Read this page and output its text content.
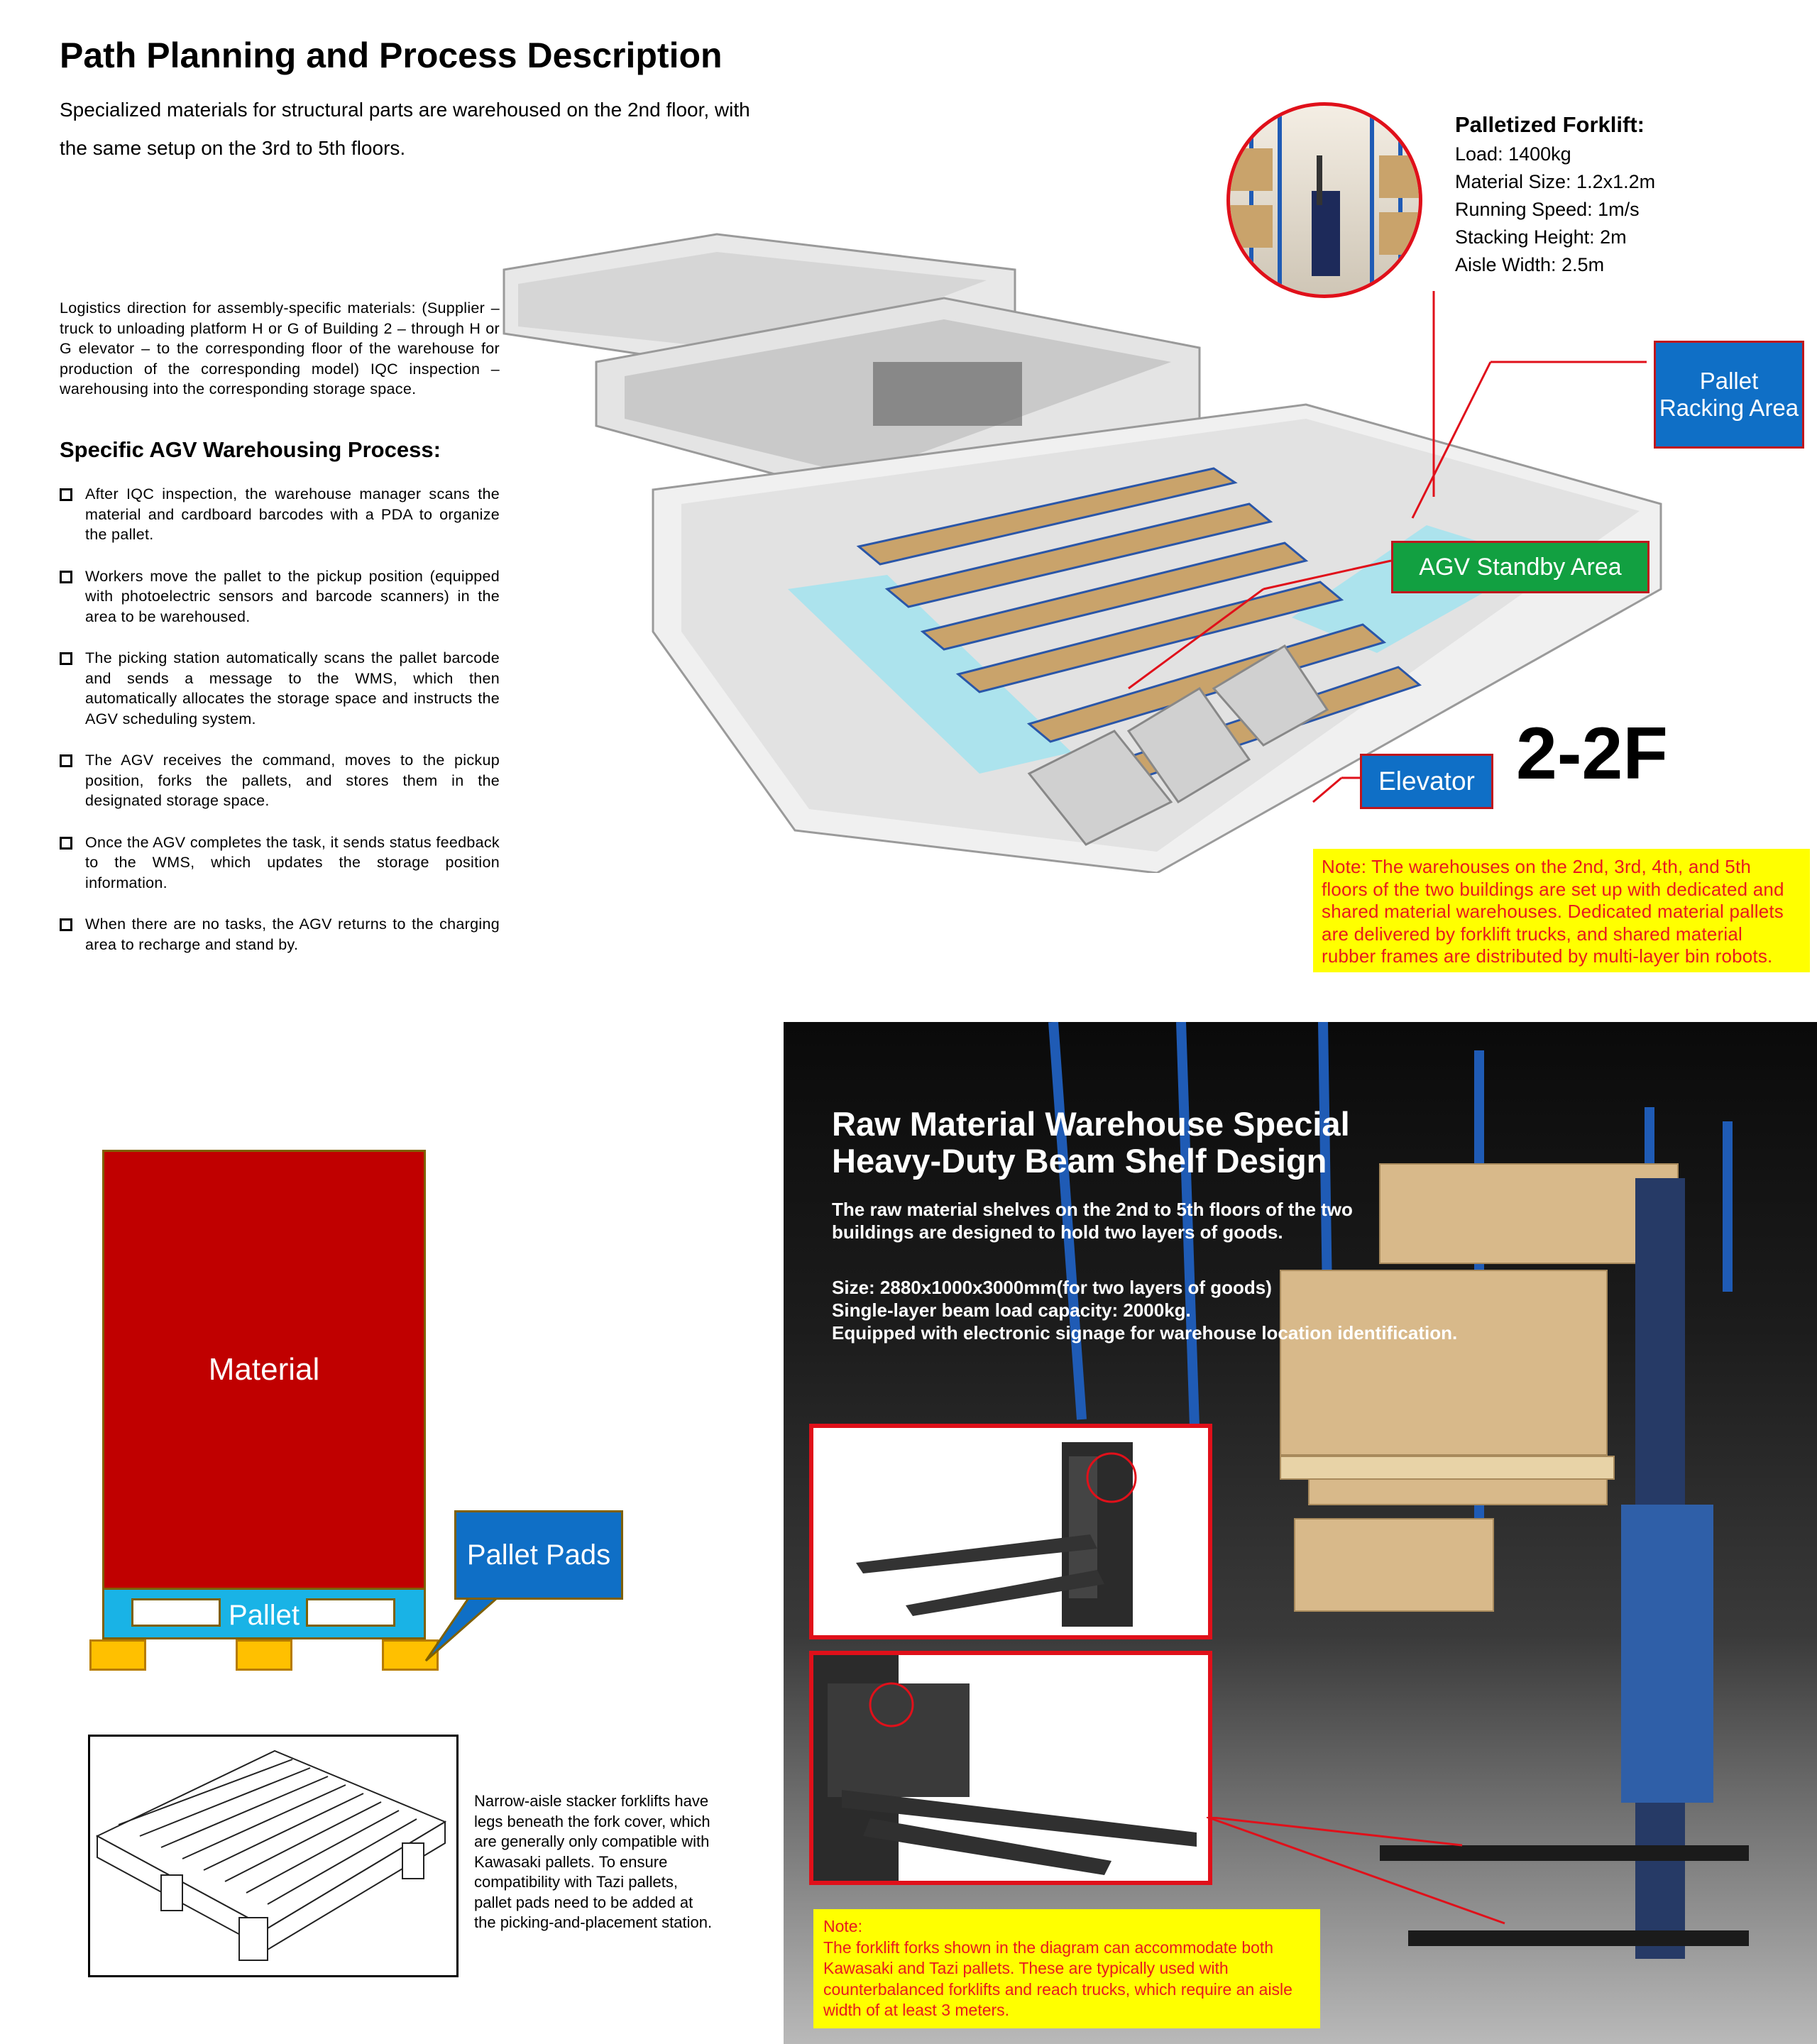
Path Planning and Process Description
Specialized materials for structural parts are warehoused on the 2nd floor, with the same setup on the 3rd to 5th floors.
Logistics direction for assembly-specific materials: (Supplier – truck to unloading platform H or G of Building 2 – through H or G elevator – to the corresponding floor of the warehouse for production of the corresponding model) IQC inspection – warehousing into the corresponding storage space.
Specific AGV Warehousing Process:
After IQC inspection, the warehouse manager scans the material and cardboard barcodes with a PDA to organize the pallet.
Workers move the pallet to the pickup position (equipped with photoelectric sensors and barcode scanners) in the area to be warehoused.
The picking station automatically scans the pallet barcode and sends a message to the WMS, which then automatically allocates the storage space and instructs the AGV scheduling system.
The AGV receives the command, moves to the pickup position, forks the pallets, and stores them in the designated storage space.
Once the AGV completes the task, it sends status feedback to the WMS, which updates the storage position information.
When there are no tasks, the AGV returns to the charging area to recharge and stand by.
Palletized Forklift:
Load: 1400kg
Material Size: 1.2x1.2m
Running Speed: 1m/s
Stacking Height: 2m
Aisle Width: 2.5m
Pallet Racking Area
AGV Standby Area
Elevator 2-2F
Note: The warehouses on the 2nd, 3rd, 4th, and 5th floors of the two buildings are set up with dedicated and shared material warehouses. Dedicated material pallets are delivered by forklift trucks, and shared material rubber frames are distributed by multi-layer bin robots.
Material
Pallet
Pallet Pads
Narrow-aisle stacker forklifts have legs beneath the fork cover, which are generally only compatible with Kawasaki pallets. To ensure compatibility with Tazi pallets, pallet pads need to be added at the picking-and-placement station.
Raw Material Warehouse Special Heavy-Duty Beam Shelf Design
The raw material shelves on the 2nd to 5th floors of the two buildings are designed to hold two layers of goods.
Size: 2880x1000x3000mm(for two layers of goods)
Single-layer beam load capacity: 2000kg.
Equipped with electronic signage for warehouse location identification.
Note:
The forklift forks shown in the diagram can accommodate both Kawasaki and Tazi pallets. These are typically used with counterbalanced forklifts and reach trucks, which require an aisle width of at least 3 meters.
